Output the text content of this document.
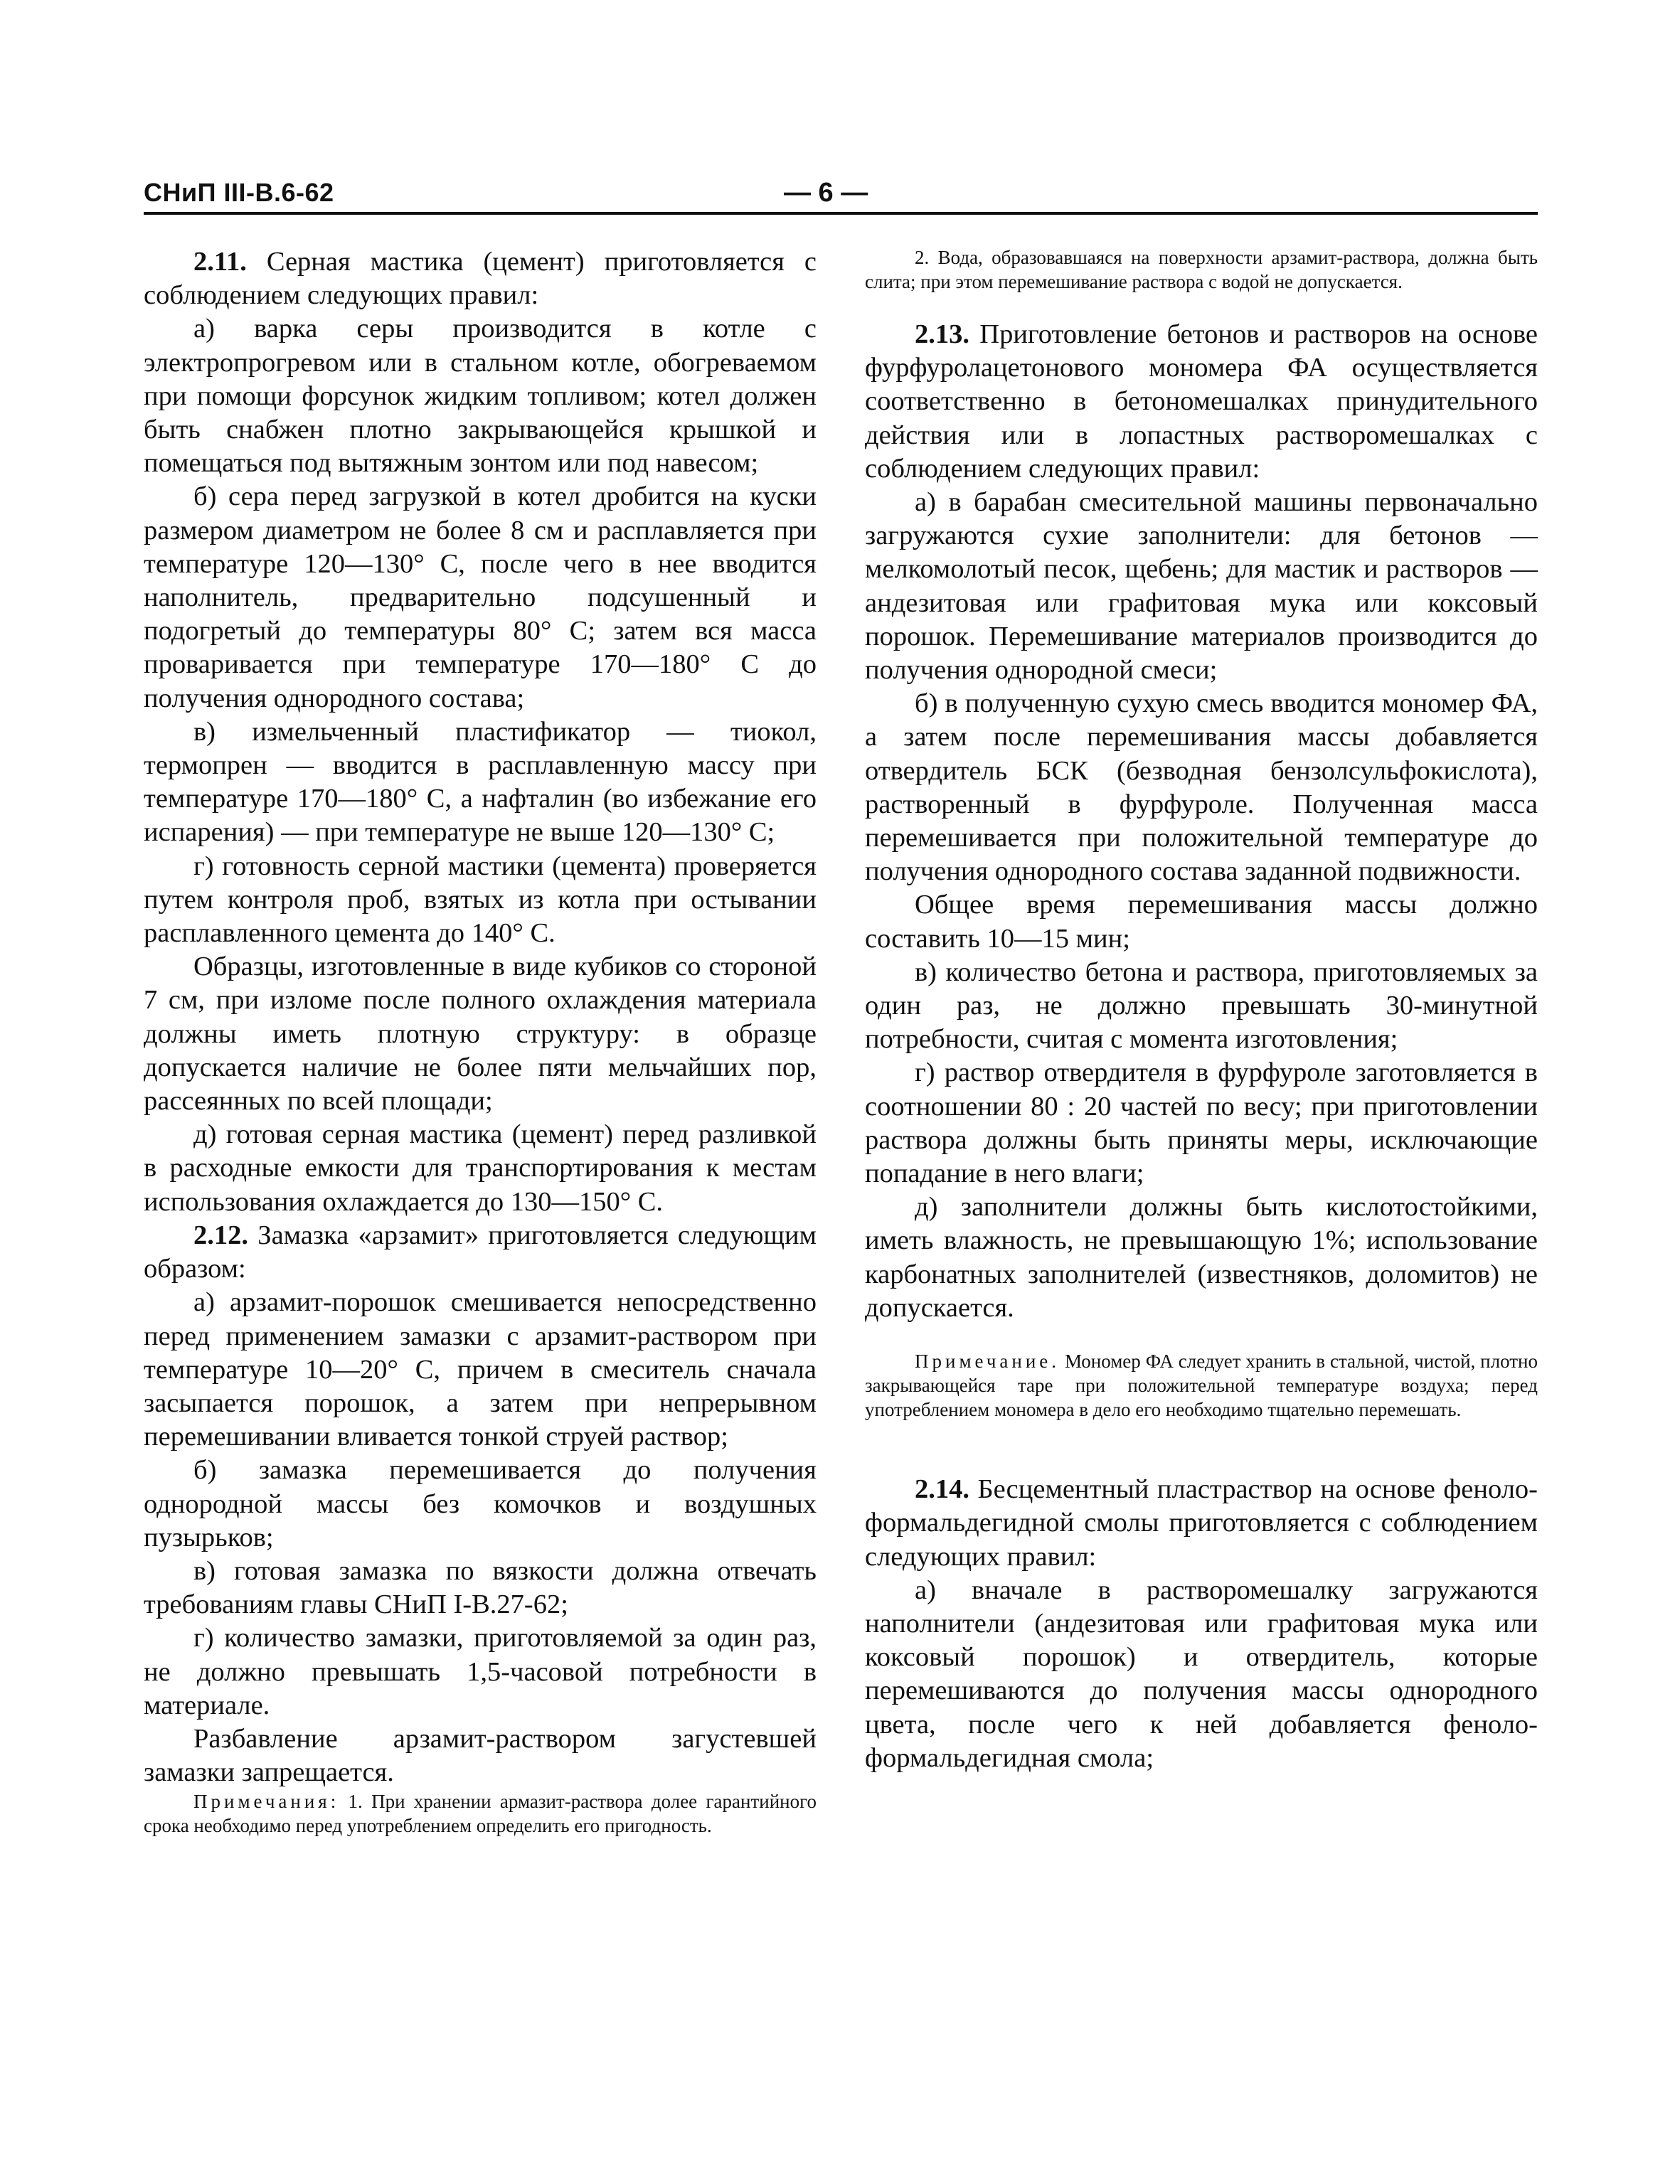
СНиП III-В.6-62	— 6 —

2.11. Серная мастика (цемент) приготовляется с соблюдением следующих правил:

а) варка серы производится в котле с электропрогревом или в стальном котле, обогреваемом при помощи форсунок жидким топливом; котел должен быть снабжен плотно закрывающейся крышкой и помещаться под вытяжным зонтом или под навесом;

б) сера перед загрузкой в котел дробится на куски размером диаметром не более 8 см и расплавляется при температуре 120—130° С, после чего в нее вводится наполнитель, предварительно подсушенный и подогретый до температуры 80° С; затем вся масса проваривается при температуре 170—180° С до получения однородного состава;

в) измельченный пластификатор — тиокол, термопрен — вводится в расплавленную массу при температуре 170—180° С, а нафталин (во избежание его испарения) — при температуре не выше 120—130° С;

г) готовность серной мастики (цемента) проверяется путем контроля проб, взятых из котла при остывании расплавленного цемента до 140° С.

Образцы, изготовленные в виде кубиков со стороной 7 см, при изломе после полного охлаждения материала должны иметь плотную структуру: в образце допускается наличие не более пяти мельчайших пор, рассеянных по всей площади;

д) готовая серная мастика (цемент) перед разливкой в расходные емкости для транспортирования к местам использования охлаждается до 130—150° С.

2.12. Замазка «арзамит» приготовляется следующим образом:

а) арзамит-порошок смешивается непосредственно перед применением замазки с арзамит-раствором при температуре 10—20° С, причем в смеситель сначала засыпается порошок, а затем при непрерывном перемешивании вливается тонкой струей раствор;

б) замазка перемешивается до получения однородной массы без комочков и воздушных пузырьков;

в) готовая замазка по вязкости должна отвечать требованиям главы СНиП I-В.27-62;

г) количество замазки, приготовляемой за один раз, не должно превышать 1,5-часовой потребности в материале.

Разбавление арзамит-раствором загустевшей замазки запрещается.

Примечания: 1. При хранении армазит-раствора долее гарантийного срока необходимо перед употреблением определить его пригодность.

2. Вода, образовавшаяся на поверхности арзамит-раствора, должна быть слита; при этом перемешивание раствора с водой не допускается.

2.13. Приготовление бетонов и растворов на основе фурфуролацетонового мономера ФА осуществляется соответственно в бетономешалках принудительного действия или в лопастных растворомешалках с соблюдением следующих правил:

а) в барабан смесительной машины первоначально загружаются сухие заполнители: для бетонов — мелкомолотый песок, щебень; для мастик и растворов — андезитовая или графитовая мука или коксовый порошок. Перемешивание материалов производится до получения однородной смеси;

б) в полученную сухую смесь вводится мономер ФА, а затем после перемешивания массы добавляется отвердитель БСК (безводная бензолсульфокислота), растворенный в фурфуроле. Полученная масса перемешивается при положительной температуре до получения однородного состава заданной подвижности.

Общее время перемешивания массы должно составить 10—15 мин;

в) количество бетона и раствора, приготовляемых за один раз, не должно превышать 30-минутной потребности, считая с момента изготовления;

г) раствор отвердителя в фурфуроле заготовляется в соотношении 80 : 20 частей по весу; при приготовлении раствора должны быть приняты меры, исключающие попадание в него влаги;

д) заполнители должны быть кислотостойкими, иметь влажность, не превышающую 1%; использование карбонатных заполнителей (известняков, доломитов) не допускается.

Примечание. Мономер ФА следует хранить в стальной, чистой, плотно закрывающейся таре при положительной температуре воздуха; перед употреблением мономера в дело его необходимо тщательно перемешать.

2.14. Бесцементный пластраствор на основе феноло-формальдегидной смолы приготовляется с соблюдением следующих правил:

а) вначале в растворомешалку загружаются наполнители (андезитовая или графитовая мука или коксовый порошок) и отвердитель, которые перемешиваются до получения массы однородного цвета, после чего к ней добавляется феноло-формальдегидная смола;
